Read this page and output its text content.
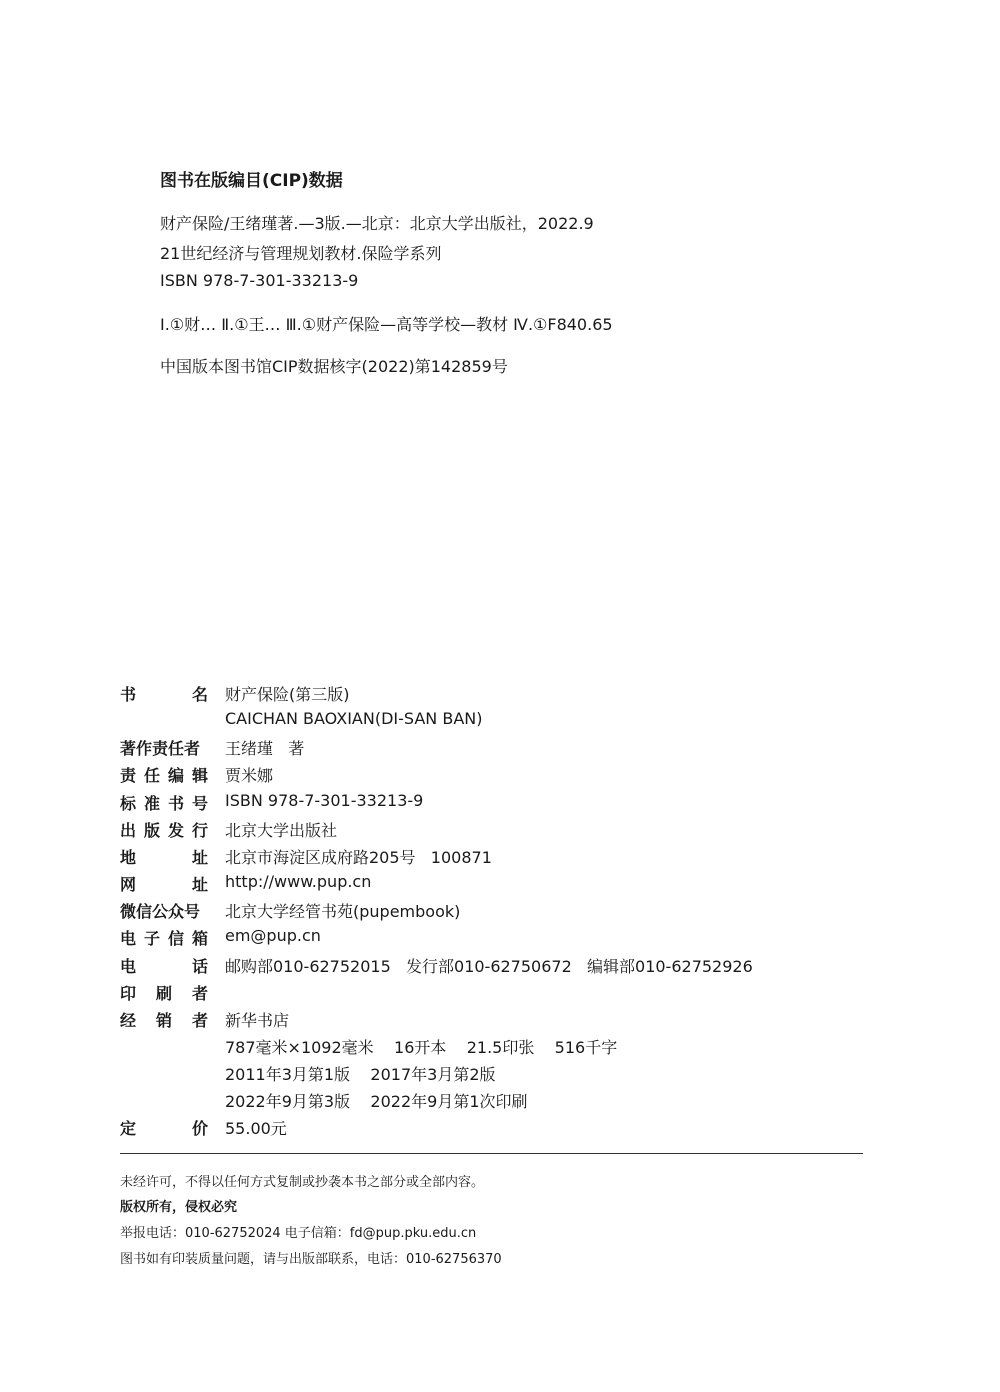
图书在版编目(CIP)数据
财产保险/王绪瑾著.—3版.—北京：北京大学出版社，2022.9
21世纪经济与管理规划教材.保险学系列
ISBN 978-7-301-33213-9
Ⅰ.①财… Ⅱ.①王… Ⅲ.①财产保险—高等学校—教材 Ⅳ.①F840.65
中国版本图书馆CIP数据核字(2022)第142859号
书	名 财产保险(第三版)
CAICHAN BAOXIAN(DI-SAN BAN)
著作责任者 王绪瑾   著
责 任 编 辑 贾米娜
标 准 书 号 ISBN 978-7-301-33213-9
出 版 发 行 北京大学出版社
地	址 北京市海淀区成府路205号   100871
网	址 http://www.pup.cn
微信公众号 北京大学经管书苑(pupembook)
电 子 信 箱 em@pup.cn
电	话 邮购部010-62752015   发行部010-62750672   编辑部010-62752926
印 刷 者
经 销 者 新华书店
787毫米×1092毫米    16开本    21.5印张    516千字
2011年3月第1版    2017年3月第2版
2022年9月第3版    2022年9月第1次印刷
定	价 55.00元
未经许可，不得以任何方式复制或抄袭本书之部分或全部内容。
版权所有，侵权必究
举报电话：010-62752024 电子信箱：fd@pup.pku.edu.cn
图书如有印装质量问题，请与出版部联系，电话：010-62756370
